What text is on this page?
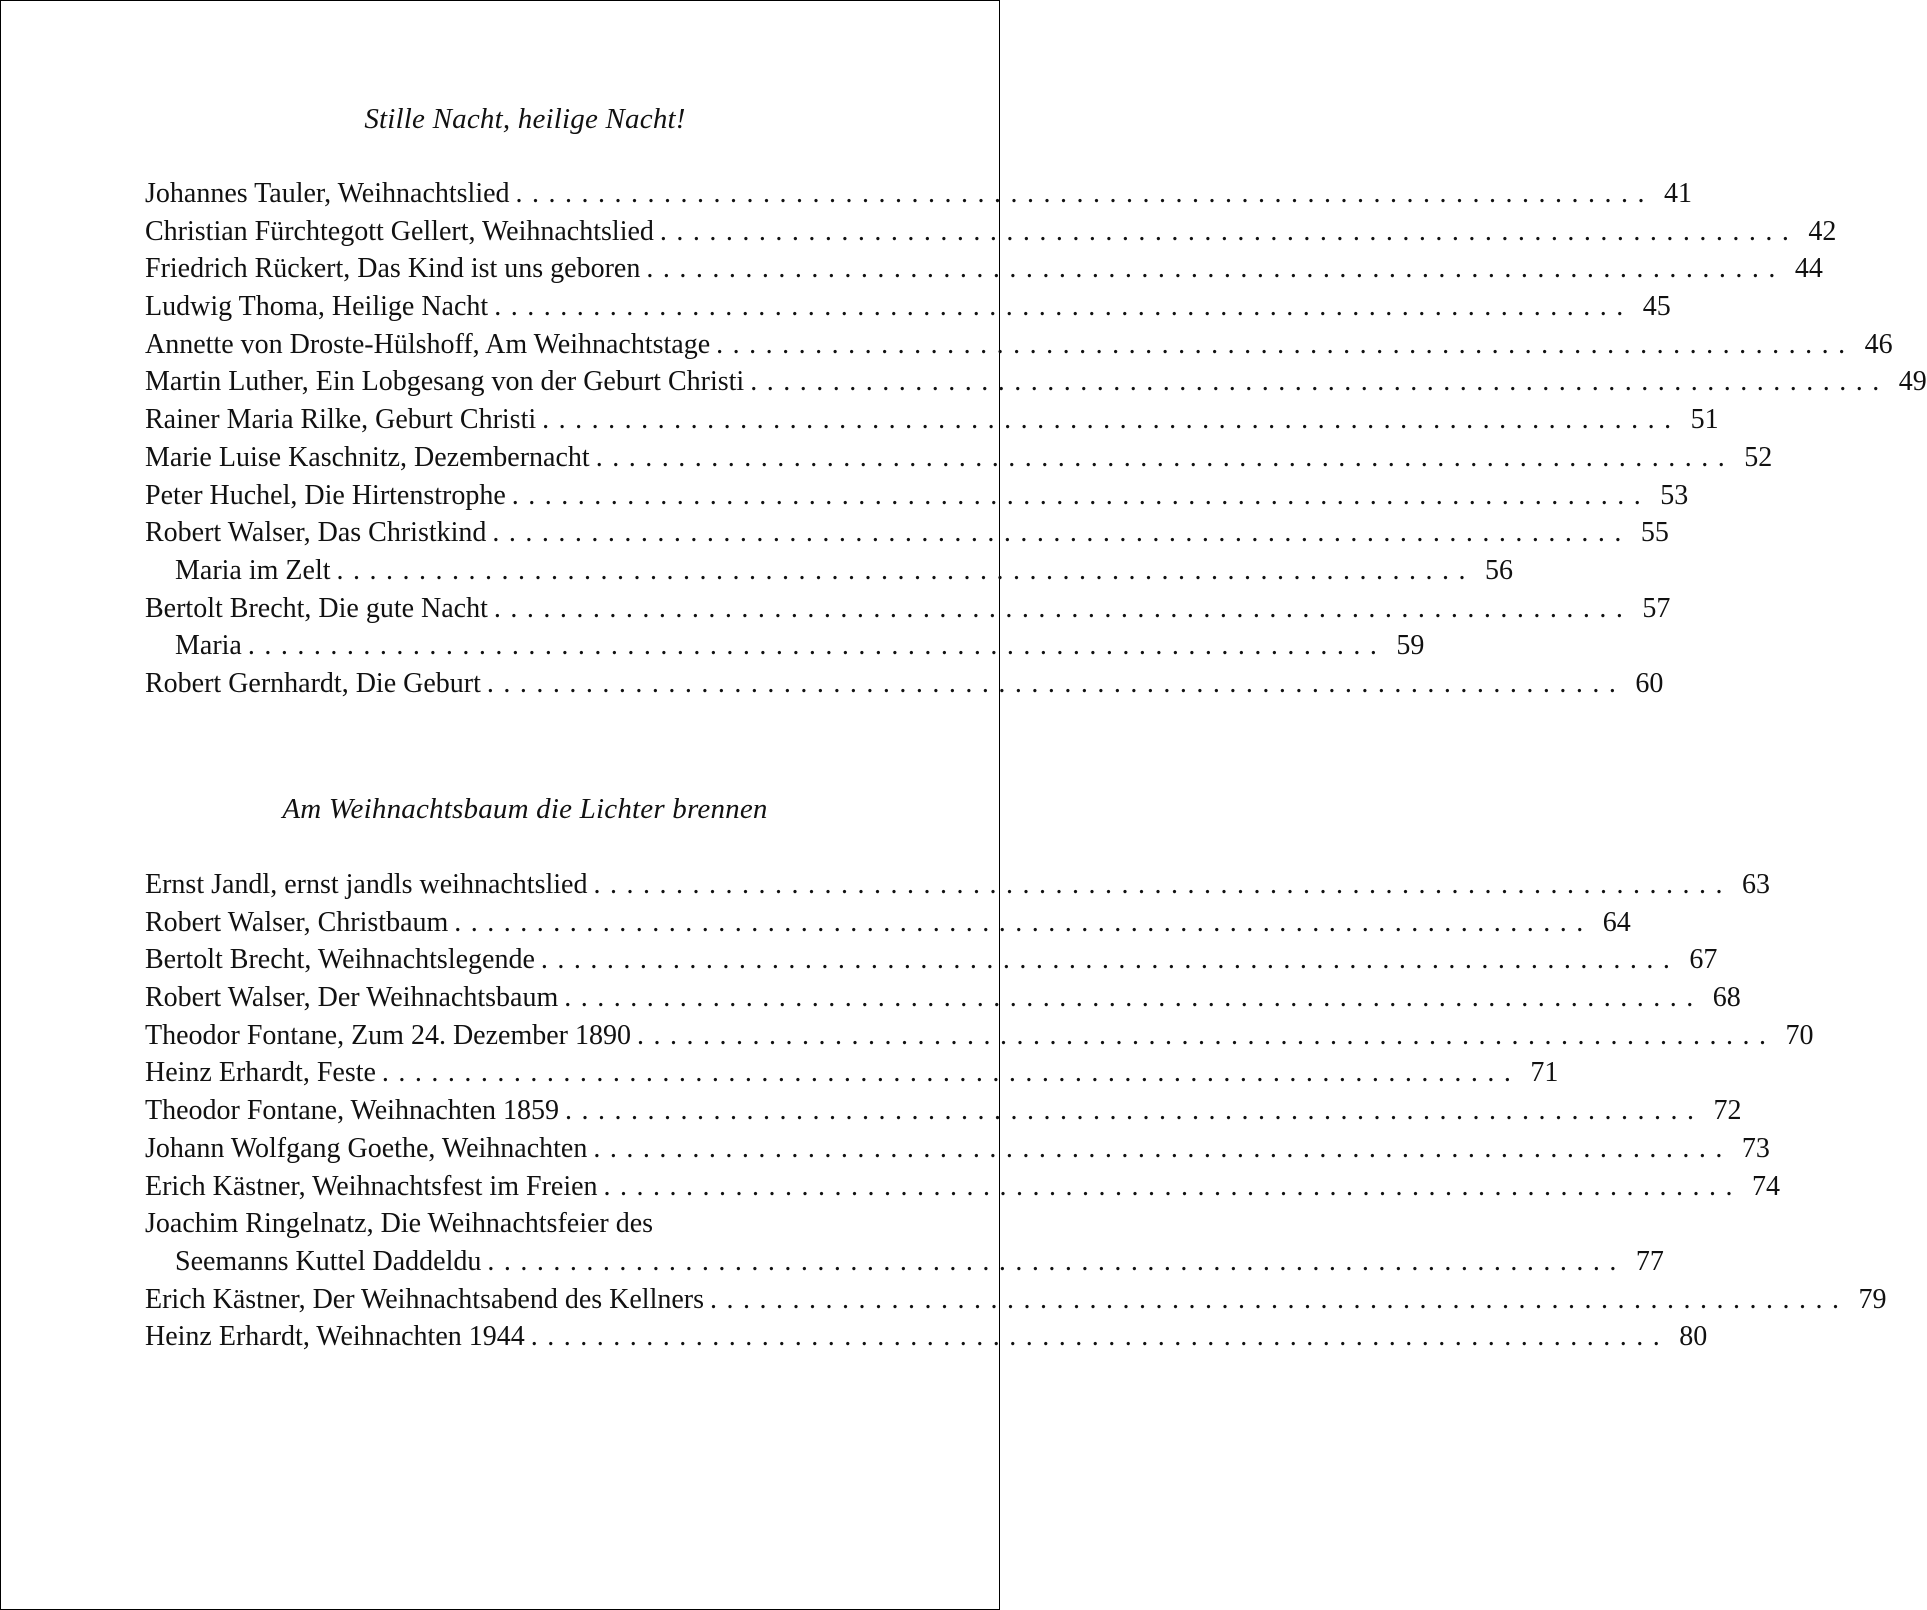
Stille Nacht, heilige Nacht!
Johannes Tauler, Weihnachtslied ..................................................................... 41
Christian Fürchtegott Gellert, Weihnachtslied ..................................................................... 42
Friedrich Rückert, Das Kind ist uns geboren ..................................................................... 44
Ludwig Thoma, Heilige Nacht ..................................................................... 45
Annette von Droste-Hülshoff, Am Weihnachtstage ..................................................................... 46
Martin Luther, Ein Lobgesang von der Geburt Christi ..................................................................... 49
Rainer Maria Rilke, Geburt Christi ..................................................................... 51
Marie Luise Kaschnitz, Dezembernacht ..................................................................... 52
Peter Huchel, Die Hirtenstrophe ..................................................................... 53
Robert Walser, Das Christkind ..................................................................... 55
Maria im Zelt ..................................................................... 56
Bertolt Brecht, Die gute Nacht ..................................................................... 57
Maria ..................................................................... 59
Robert Gernhardt, Die Geburt ..................................................................... 60
Am Weihnachtsbaum die Lichter brennen
Ernst Jandl, ernst jandls weihnachtslied ..................................................................... 63
Robert Walser, Christbaum ..................................................................... 64
Bertolt Brecht, Weihnachtslegende ..................................................................... 67
Robert Walser, Der Weihnachtsbaum ..................................................................... 68
Theodor Fontane, Zum 24. Dezember 1890 ..................................................................... 70
Heinz Erhardt, Feste ..................................................................... 71
Theodor Fontane, Weihnachten 1859 ..................................................................... 72
Johann Wolfgang Goethe, Weihnachten ..................................................................... 73
Erich Kästner, Weihnachtsfest im Freien ..................................................................... 74
Joachim Ringelnatz, Die Weihnachtsfeier des
Seemanns Kuttel Daddeldu ..................................................................... 77
Erich Kästner, Der Weihnachtsabend des Kellners ..................................................................... 79
Heinz Erhardt, Weihnachten 1944 ..................................................................... 80
